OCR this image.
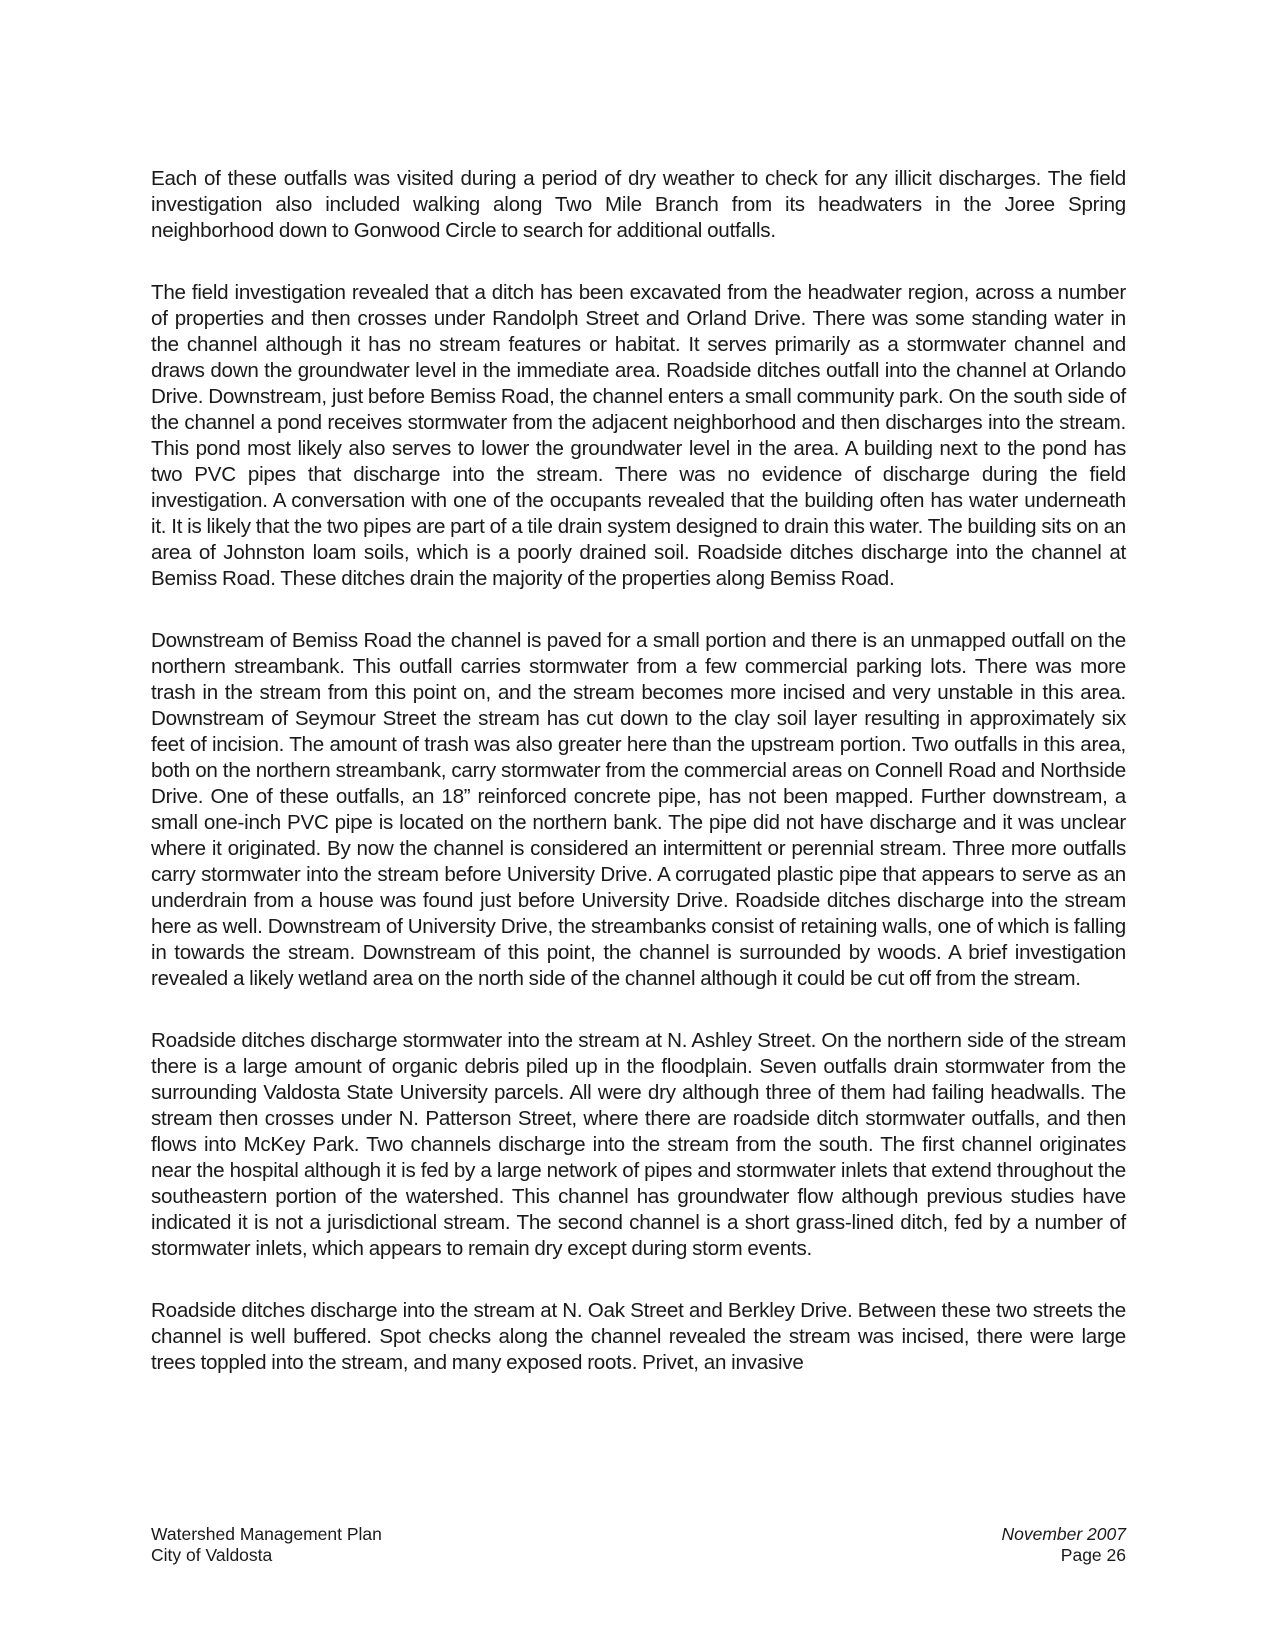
Each of these outfalls was visited during a period of dry weather to check for any illicit discharges. The field investigation also included walking along Two Mile Branch from its headwaters in the Joree Spring neighborhood down to Gonwood Circle to search for additional outfalls.

The field investigation revealed that a ditch has been excavated from the headwater region, across a number of properties and then crosses under Randolph Street and Orland Drive. There was some standing water in the channel although it has no stream features or habitat. It serves primarily as a stormwater channel and draws down the groundwater level in the immediate area. Roadside ditches outfall into the channel at Orlando Drive. Downstream, just before Bemiss Road, the channel enters a small community park. On the south side of the channel a pond receives stormwater from the adjacent neighborhood and then discharges into the stream. This pond most likely also serves to lower the groundwater level in the area. A building next to the pond has two PVC pipes that discharge into the stream. There was no evidence of discharge during the field investigation. A conversation with one of the occupants revealed that the building often has water underneath it. It is likely that the two pipes are part of a tile drain system designed to drain this water. The building sits on an area of Johnston loam soils, which is a poorly drained soil. Roadside ditches discharge into the channel at Bemiss Road. These ditches drain the majority of the properties along Bemiss Road.

Downstream of Bemiss Road the channel is paved for a small portion and there is an unmapped outfall on the northern streambank. This outfall carries stormwater from a few commercial parking lots. There was more trash in the stream from this point on, and the stream becomes more incised and very unstable in this area. Downstream of Seymour Street the stream has cut down to the clay soil layer resulting in approximately six feet of incision. The amount of trash was also greater here than the upstream portion. Two outfalls in this area, both on the northern streambank, carry stormwater from the commercial areas on Connell Road and Northside Drive. One of these outfalls, an 18” reinforced concrete pipe, has not been mapped. Further downstream, a small one-inch PVC pipe is located on the northern bank. The pipe did not have discharge and it was unclear where it originated. By now the channel is considered an intermittent or perennial stream. Three more outfalls carry stormwater into the stream before University Drive. A corrugated plastic pipe that appears to serve as an underdrain from a house was found just before University Drive. Roadside ditches discharge into the stream here as well. Downstream of University Drive, the streambanks consist of retaining walls, one of which is falling in towards the stream. Downstream of this point, the channel is surrounded by woods. A brief investigation revealed a likely wetland area on the north side of the channel although it could be cut off from the stream.

Roadside ditches discharge stormwater into the stream at N. Ashley Street. On the northern side of the stream there is a large amount of organic debris piled up in the floodplain. Seven outfalls drain stormwater from the surrounding Valdosta State University parcels. All were dry although three of them had failing headwalls. The stream then crosses under N. Patterson Street, where there are roadside ditch stormwater outfalls, and then flows into McKey Park. Two channels discharge into the stream from the south. The first channel originates near the hospital although it is fed by a large network of pipes and stormwater inlets that extend throughout the southeastern portion of the watershed. This channel has groundwater flow although previous studies have indicated it is not a jurisdictional stream. The second channel is a short grass-lined ditch, fed by a number of stormwater inlets, which appears to remain dry except during storm events.

Roadside ditches discharge into the stream at N. Oak Street and Berkley Drive. Between these two streets the channel is well buffered. Spot checks along the channel revealed the stream was incised, there were large trees toppled into the stream, and many exposed roots. Privet, an invasive

Watershed Management Plan
City of Valdosta
November 2007
Page 26
